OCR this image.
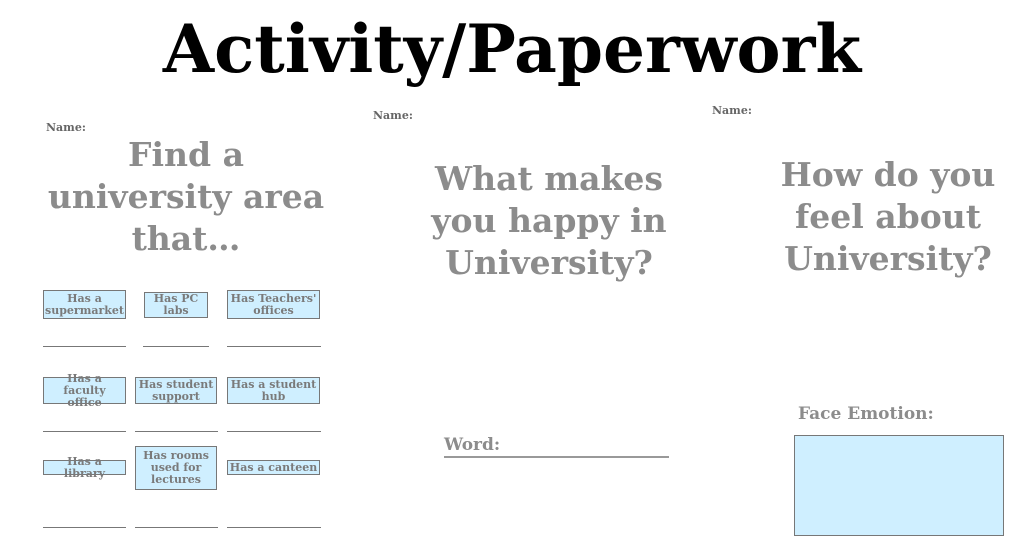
Activity/Paperwork
Name:
Find a university area that…
Has a supermarket
Has PC labs
Has Teachers' offices
Has a faculty office
Has student support
Has a student hub
Has a library
Has rooms used for lectures
Has a canteen
Name:
What makes you happy in University?
Word:
Name:
How do you feel about University?
Face Emotion:
